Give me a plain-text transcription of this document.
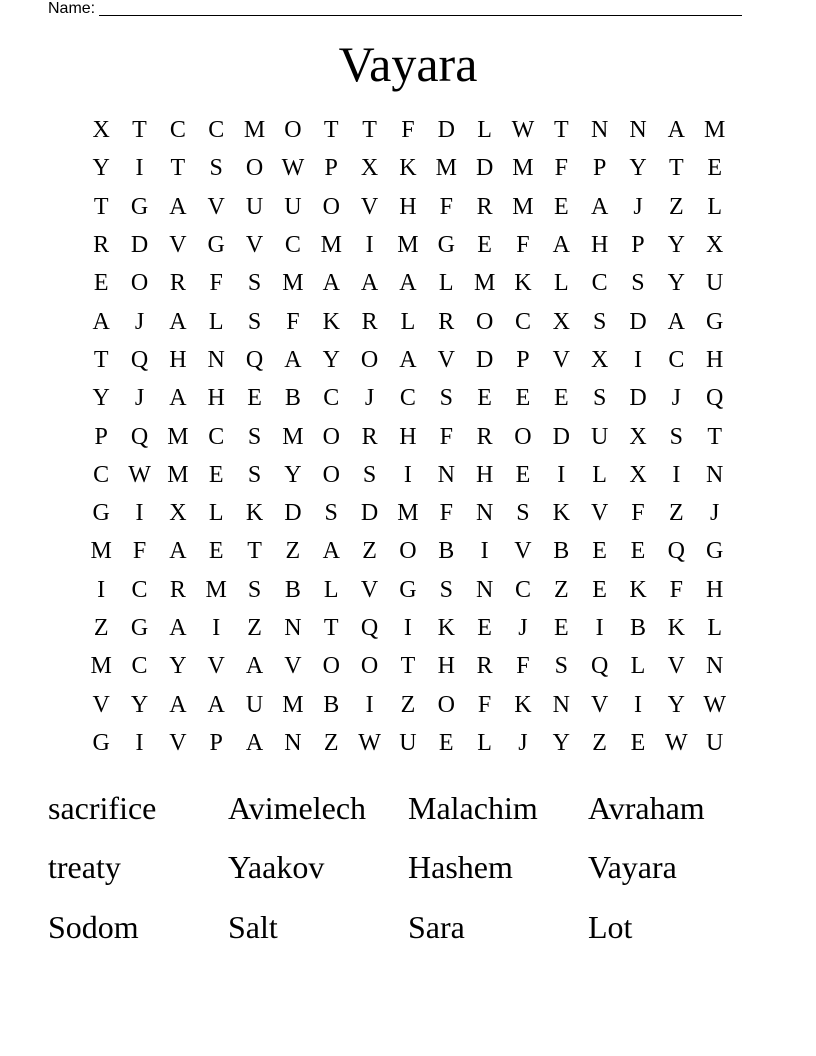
Name:
Vayara
X T C C M O T T	F D L W T N N A M
Y	I	T	S O W P X K M D M F	P Y T E
T G A V U U O V H F R M E A	J	Z L
R D V G V C M I M G E	F A H P Y X
E O R F	S M A A A L M K L C S Y U
A	J	A L	S	F K R L R O C X S D A G
T Q H N Q A Y O A V D P V X	I	C H
Y	J	A H E B C	J	C S	E E E	S D	J	Q
P Q M C S M O R H F R O D U X S	T
C W M E	S Y O S	I	N H E	I	L X	I	N
G	I	X L K D S D M F N S K V F	Z	J
M F A E T Z A Z O B	I	V B E E Q G
I	C R M S B L V G S N C Z E K F H
Z G A	I	Z N T Q	I	K E	J	E	I	B K L
M C Y V A V O O T H R F	S Q L V N
V Y A A U M B	I	Z O F K N V	I	Y W
G	I	V P A N Z W U E L	J	Y Z E W U
sacrifice	Avimelech	Malachim	Avraham
treaty	Yaakov	Hashem	Vayara
Sodom	Salt	Sara	Lot
